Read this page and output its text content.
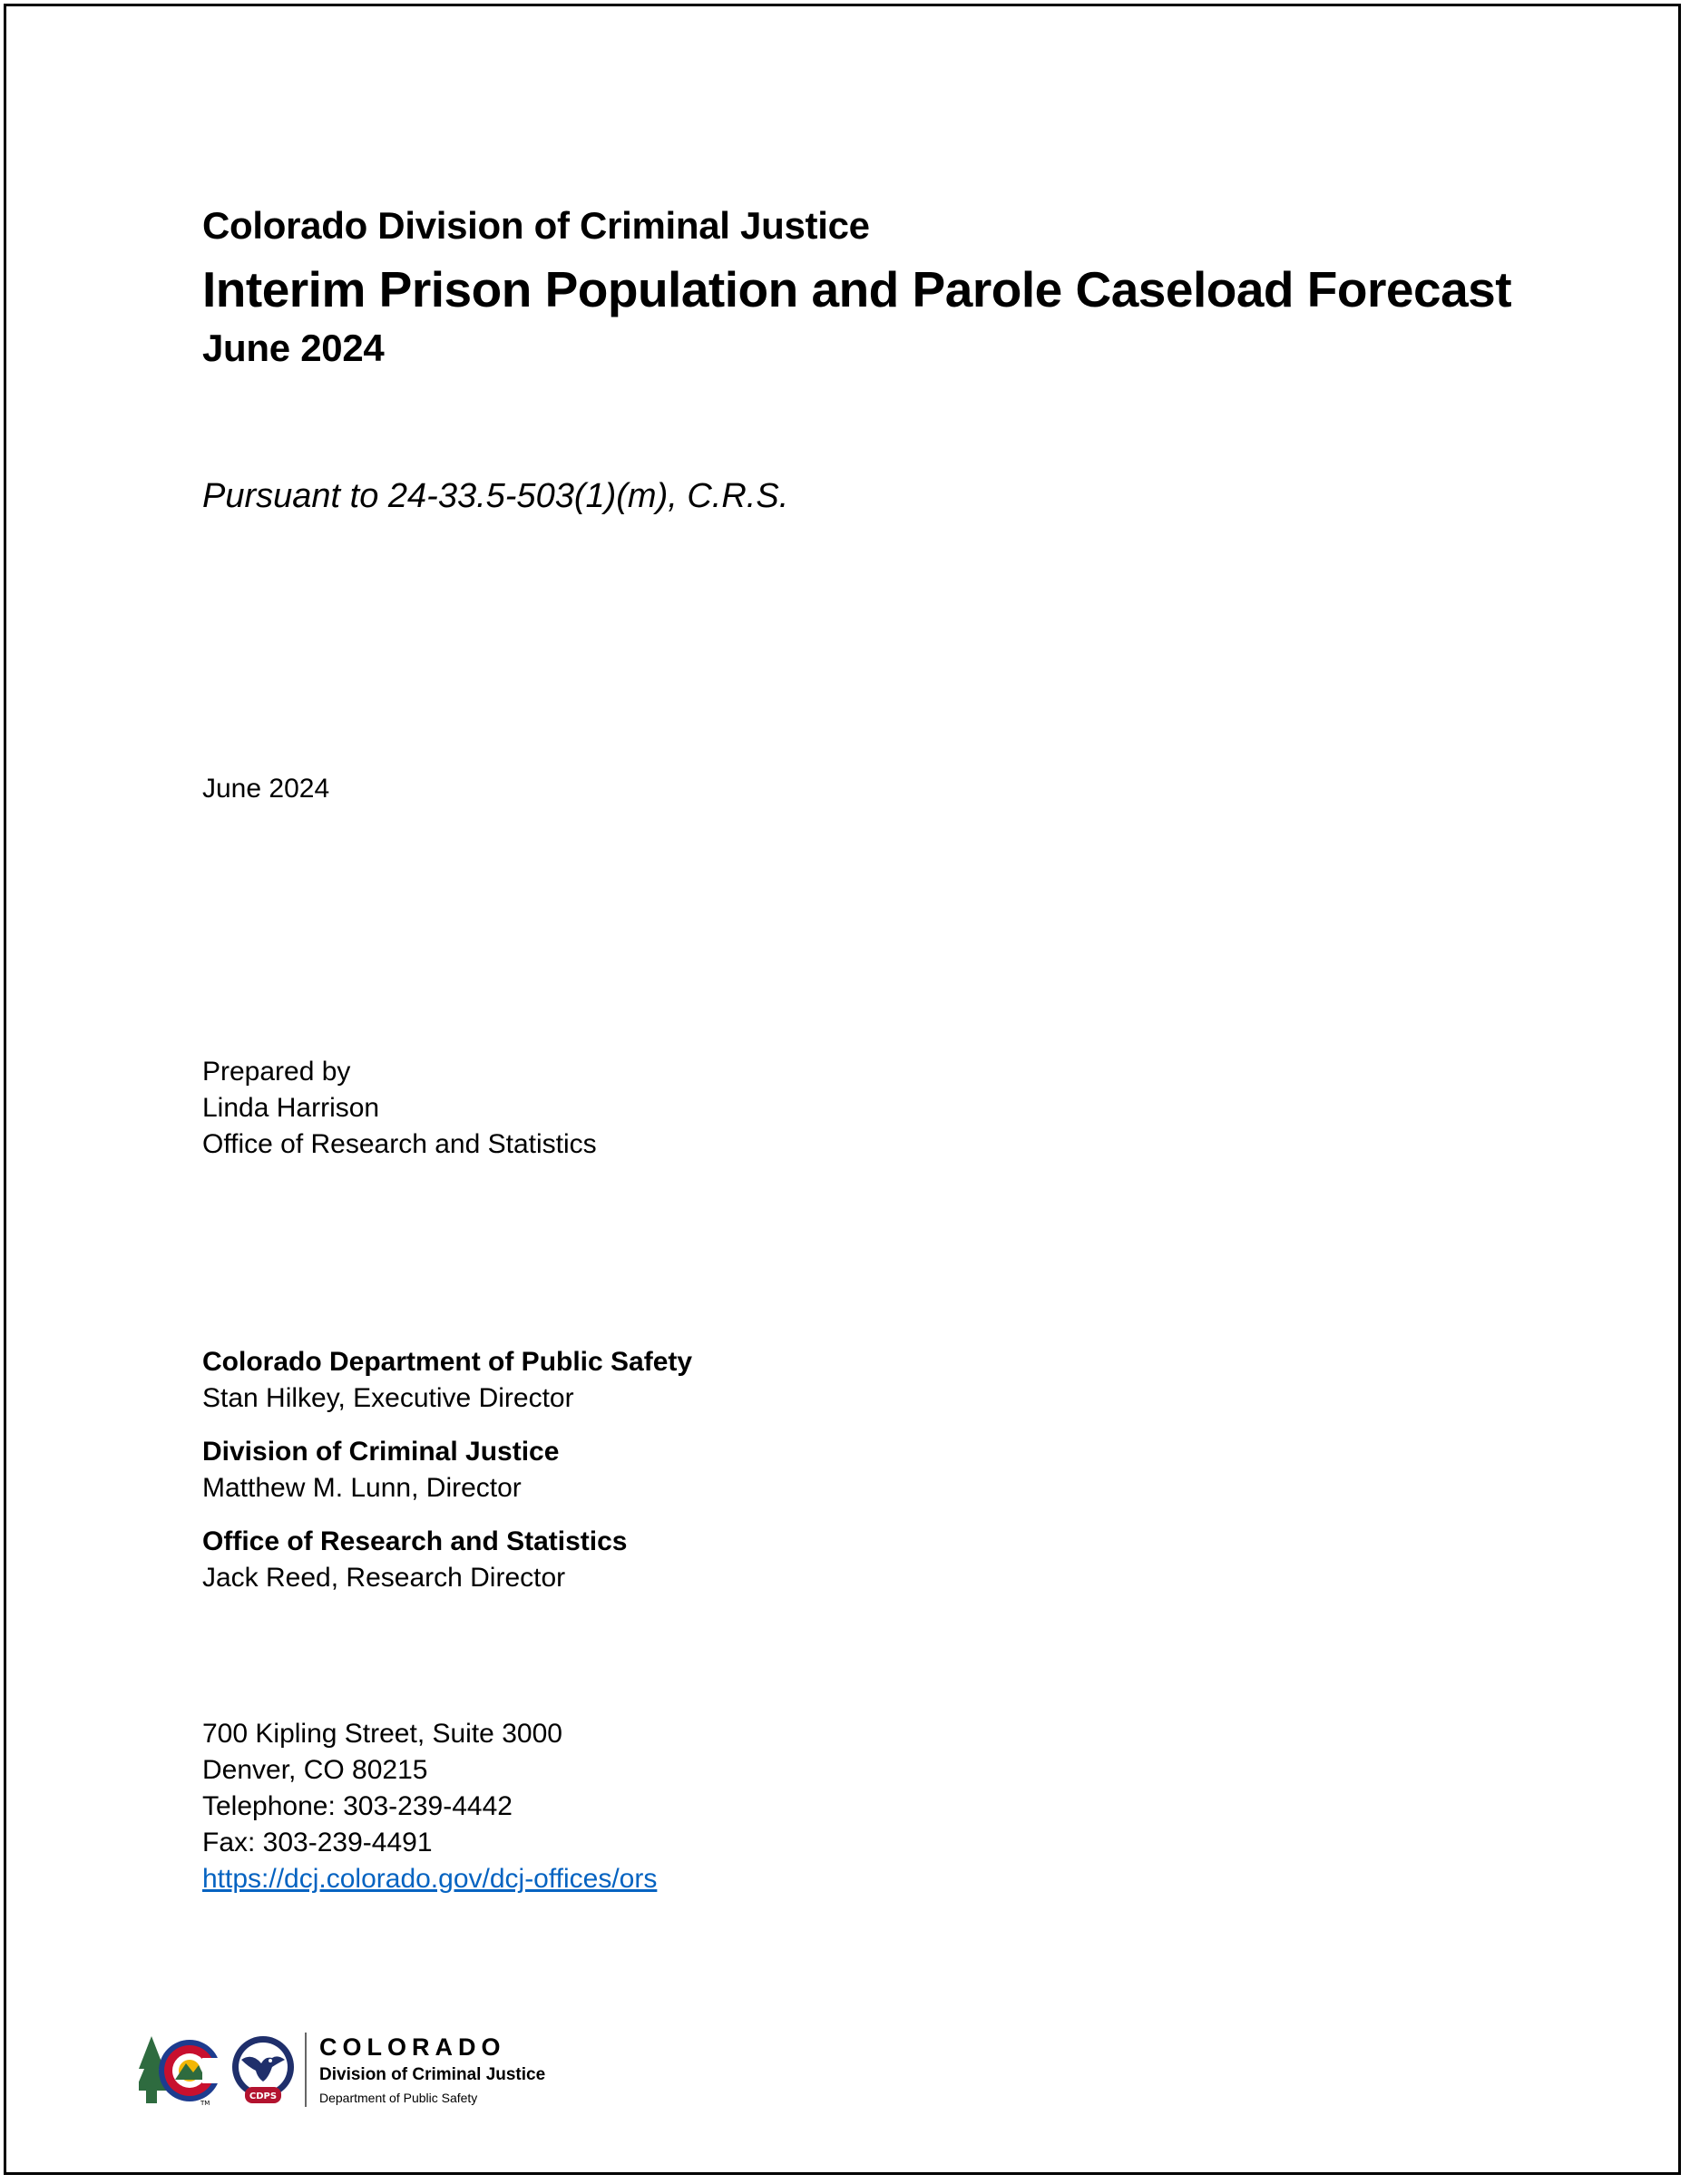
Colorado Division of Criminal Justice
Interim Prison Population and Parole Caseload Forecast
June 2024
Pursuant to 24-33.5-503(1)(m), C.R.S.
June 2024
Prepared by
Linda Harrison
Office of Research and Statistics
Colorado Department of Public Safety
Stan Hilkey, Executive Director
Division of Criminal Justice
Matthew M. Lunn, Director
Office of Research and Statistics
Jack Reed, Research Director
700 Kipling Street, Suite 3000
Denver, CO 80215
Telephone: 303-239-4442
Fax: 303-239-4491
https://dcj.colorado.gov/dcj-offices/ors
TM
CDPS
COLORADO
Division of Criminal Justice
Department of Public Safety
